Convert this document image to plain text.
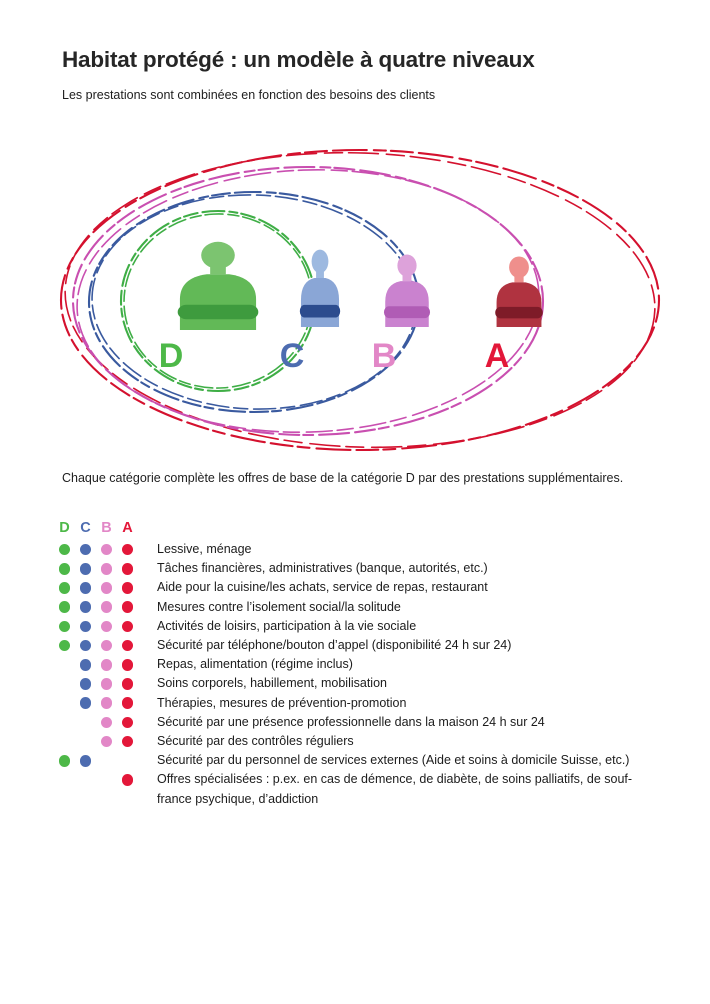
Habitat protégé : un modèle à quatre niveaux

Les prestations sont combinées en fonction des besoins des clients

D	C B	A

Chaque catégorie complète les offres de base de la catégorie D par des prestations supplémentaires.

D C B A
Lessive, ménage
Tâches financières, administratives (banque, autorités, etc.)
Aide pour la cuisine/les achats, service de repas, restaurant
Mesures contre l’isolement social/la solitude
Activités de loisirs, participation à la vie sociale
Sécurité par téléphone/bouton d’appel (disponibilité 24 h sur 24)
Repas, alimentation (régime inclus)
Soins corporels, habillement, mobilisation
Thérapies, mesures de prévention-promotion
Sécurité par une présence professionnelle dans la maison 24 h sur 24
Sécurité par des contrôles réguliers
Sécurité par du personnel de services externes (Aide et soins à domicile Suisse, etc.)
Offres spécialisées : p.ex. en cas de démence, de diabète, de soins palliatifs, de souf-
france psychique, d’addiction
